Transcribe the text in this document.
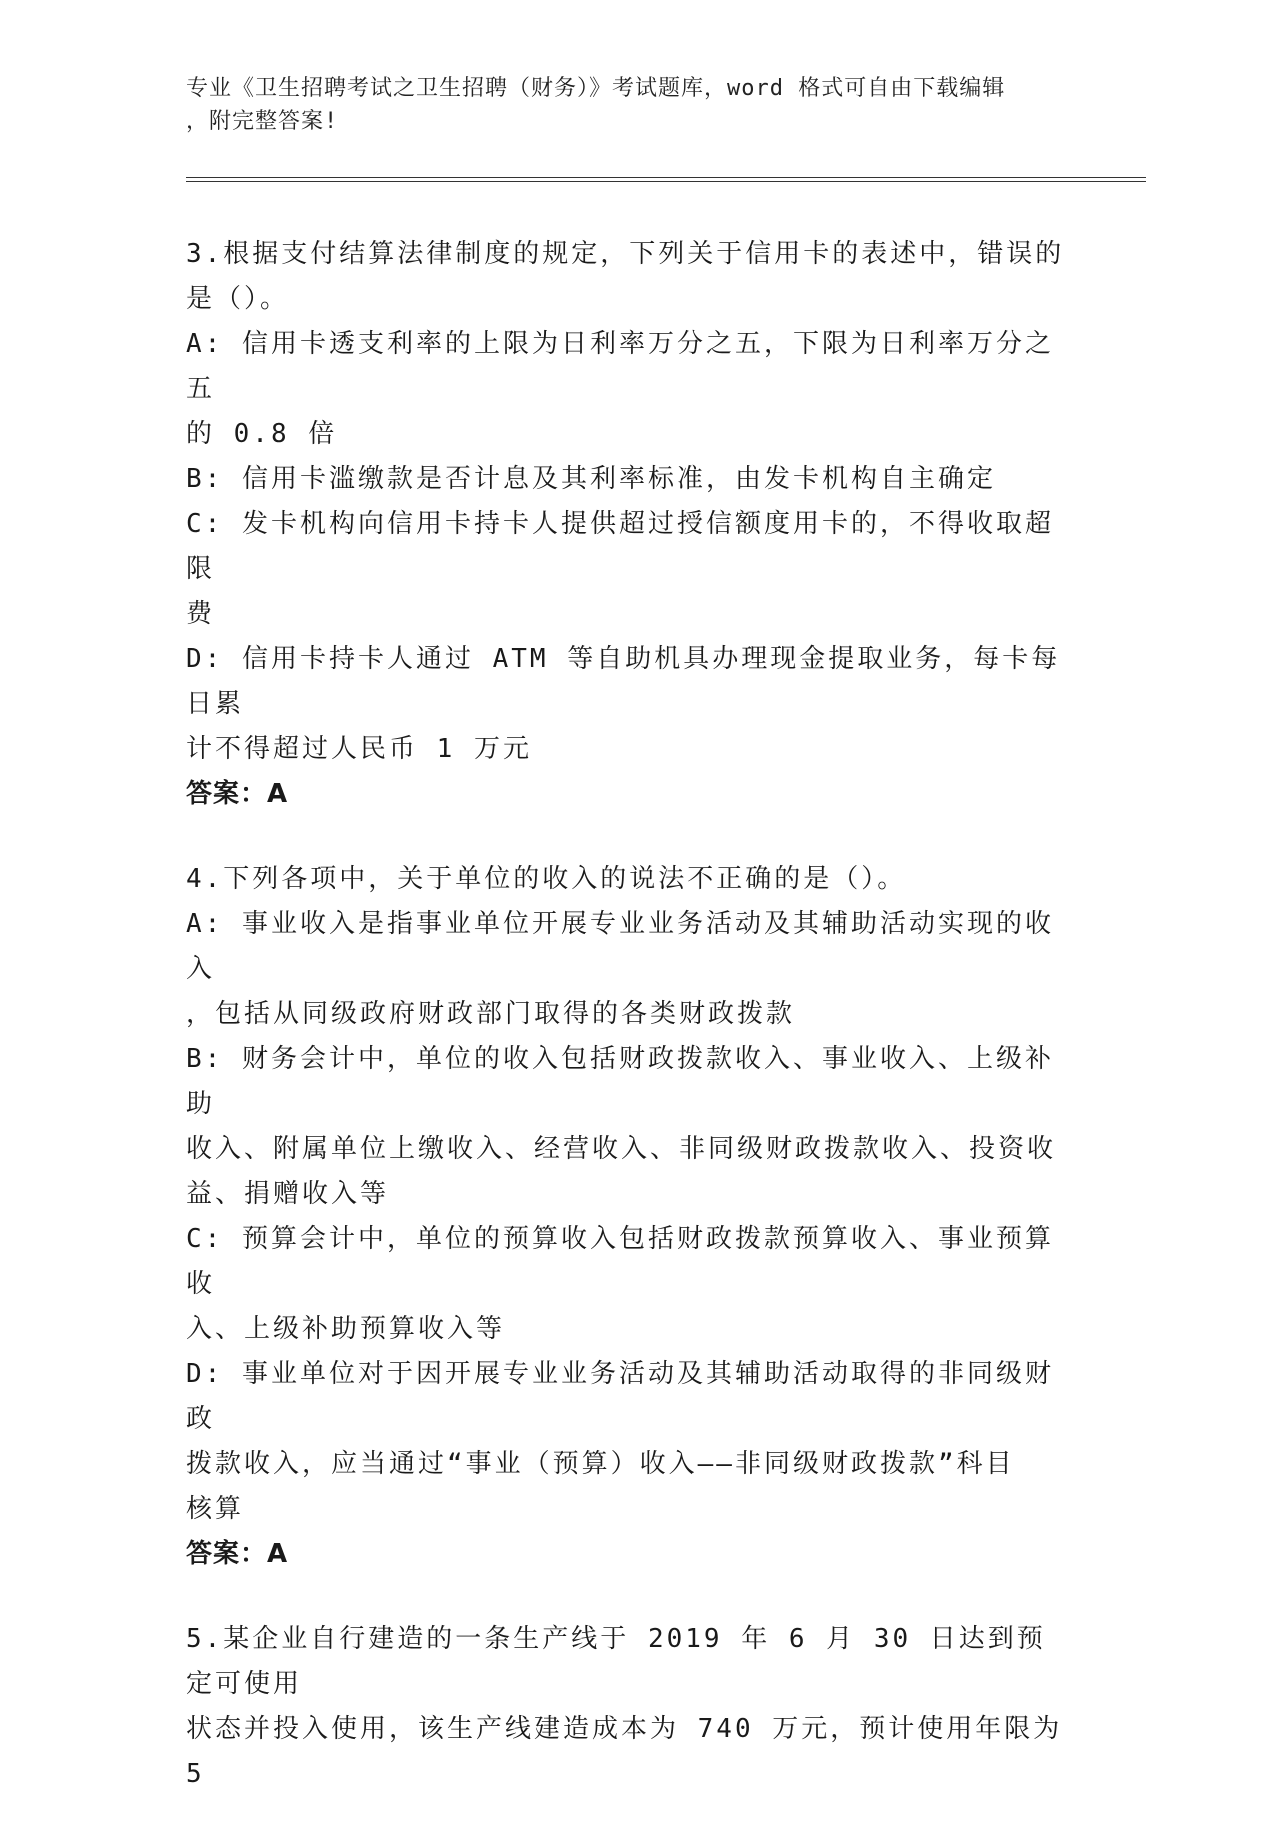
专业《卫生招聘考试之卫生招聘（财务）》考试题库，word 格式可自由下载编辑

，附完整答案!

3.根据支付结算法律制度的规定，下列关于信用卡的表述中，错误的

是（）。

A: 信用卡透支利率的上限为日利率万分之五，下限为日利率万分之五

的 0.8 倍

B: 信用卡滥缴款是否计息及其利率标准，由发卡机构自主确定

C: 发卡机构向信用卡持卡人提供超过授信额度用卡的，不得收取超限

费

D: 信用卡持卡人通过 ATM 等自助机具办理现金提取业务，每卡每日累

计不得超过人民币 1 万元

答案：A

4.下列各项中，关于单位的收入的说法不正确的是（）。

A: 事业收入是指事业单位开展专业业务活动及其辅助活动实现的收入

，包括从同级政府财政部门取得的各类财政拨款

B: 财务会计中，单位的收入包括财政拨款收入、事业收入、上级补助

收入、附属单位上缴收入、经营收入、非同级财政拨款收入、投资收

益、捐赠收入等

C: 预算会计中，单位的预算收入包括财政拨款预算收入、事业预算收

入、上级补助预算收入等

D: 事业单位对于因开展专业业务活动及其辅助活动取得的非同级财政

拨款收入，应当通过“事业（预算）收入——非同级财政拨款”科目

核算

答案：A

5.某企业自行建造的一条生产线于 2019 年 6 月 30 日达到预定可使用

状态并投入使用，该生产线建造成本为 740 万元，预计使用年限为 5
